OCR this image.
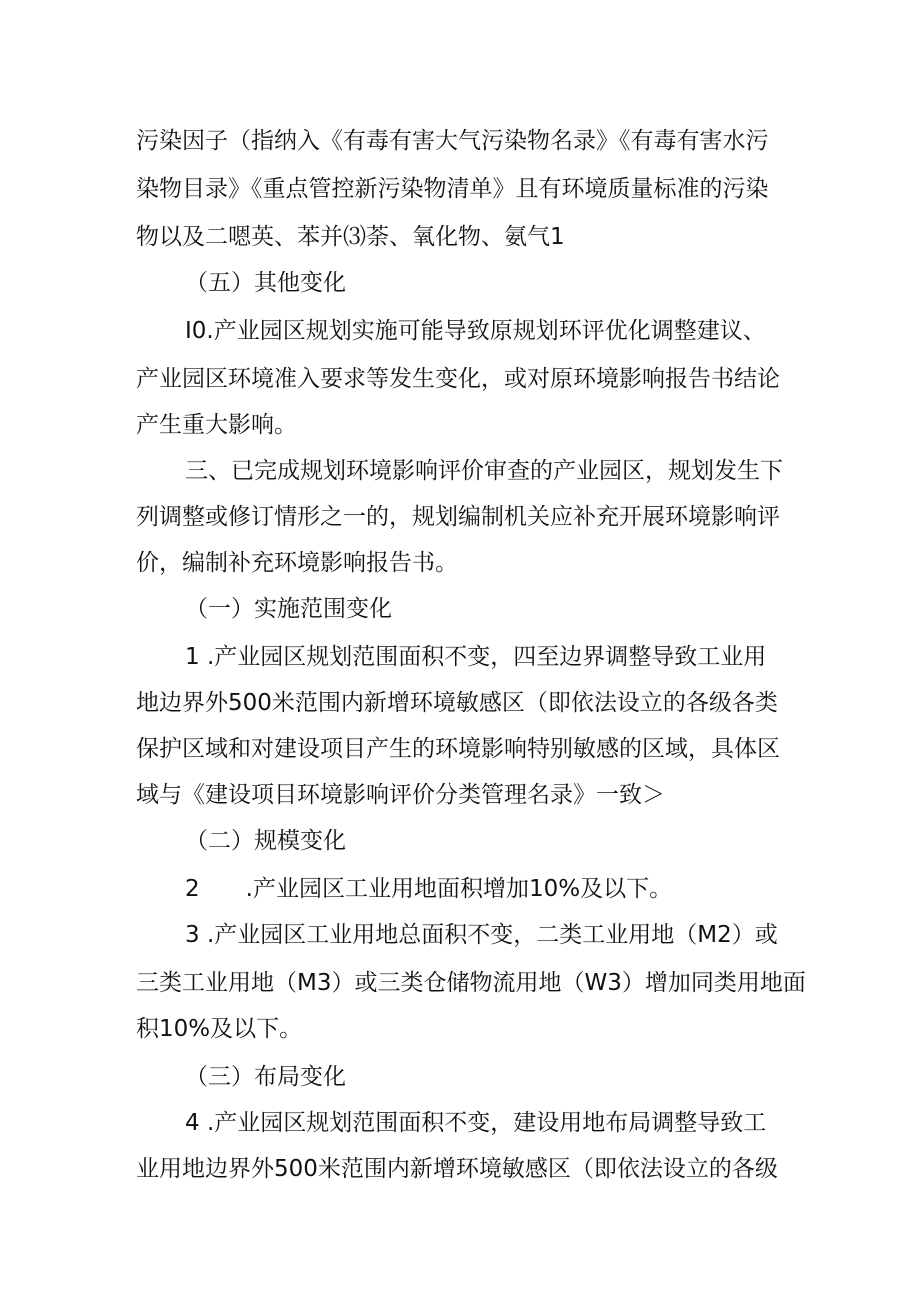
污染因子（指纳入《有毒有害大气污染物名录》《有毒有害水污
染物目录》《重点管控新污染物清单》且有环境质量标准的污染
物以及二嗯英、苯并⑶荼、氧化物、氨气1
（五）其他变化
I0.产业园区规划实施可能导致原规划环评优化调整建议、
产业园区环境准入要求等发生变化，或对原环境影响报告书结论
产生重大影响。
三、已完成规划环境影响评价审查的产业园区，规划发生下
列调整或修订情形之一的，规划编制机关应补充开展环境影响评
价，编制补充环境影响报告书。
（一）实施范围变化
1 .产业园区规划范围面积不变，四至边界调整导致工业用
地边界外500米范围内新增环境敏感区（即依法设立的各级各类
保护区域和对建设项目产生的环境影响特别敏感的区域，具体区
域与《建设项目环境影响评价分类管理名录》一致＞
（二）规模变化
2　　.产业园区工业用地面积增加10%及以下。
3 .产业园区工业用地总面积不变，二类工业用地（M2）或
三类工业用地（M3）或三类仓储物流用地（W3）增加同类用地面
积10%及以下。
（三）布局变化
4 .产业园区规划范围面积不变，建设用地布局调整导致工
业用地边界外500米范围内新增环境敏感区（即依法设立的各级
